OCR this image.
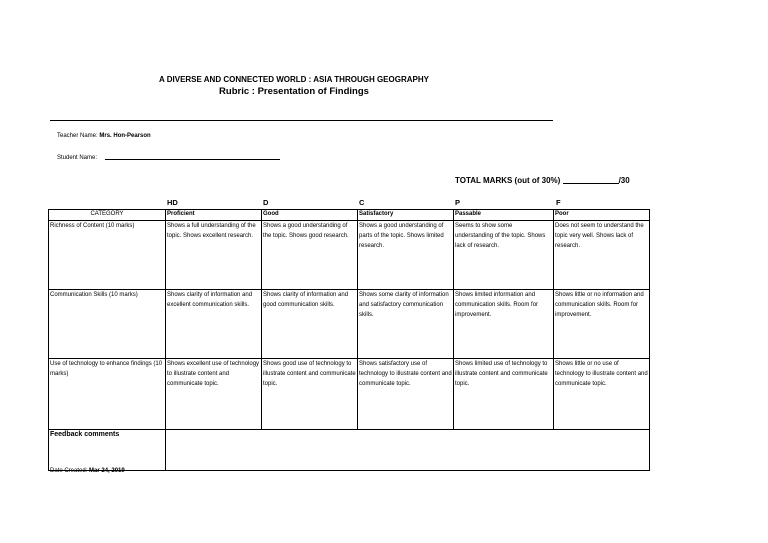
A DIVERSE AND CONNECTED WORLD : ASIA THROUGH GEOGRAPHY
Rubric : Presentation of Findings
Teacher Name: Mrs. Hon-Pearson
Student Name:
TOTAL MARKS (out of 30%)	/30
HD	D	C	P	F
CATEGORY	Proficient	Good	Satisfactory	Passable	Poor
Richness of Content (10 marks)	Shows a full understanding of the topic. Shows excellent research.	Shows a good understanding of the topic. Shows good research.	Shows a good understanding of parts of the topic. Shows limited research.	Seems to show some understanding of the topic. Shows lack of research.	Does not seem to understand the topic very well. Shows lack of research.
Communication Skills (10 marks)	Shows clarity of information and excellent communication skills.	Shows clarity of information and good communication skills.	Shows some clarity of information and satisfactory communication skills.	Shows limited information and communication skills. Room for improvement.	Shows little or no information and communication skills. Room for improvement.
Use of technology to enhance findings (10 marks)	Shows excellent use of technology to illustrate content and communicate topic.	Shows good use of technology to illustrate content and communicate topic.	Shows satisfactory use of technology to illustrate content and communicate topic.	Shows limited use of technology to illustrate content and communicate topic.	Shows little or no use of technology to illustrate content and communicate topic.
Feedback comments					
Date Created: Mar 24, 2019
